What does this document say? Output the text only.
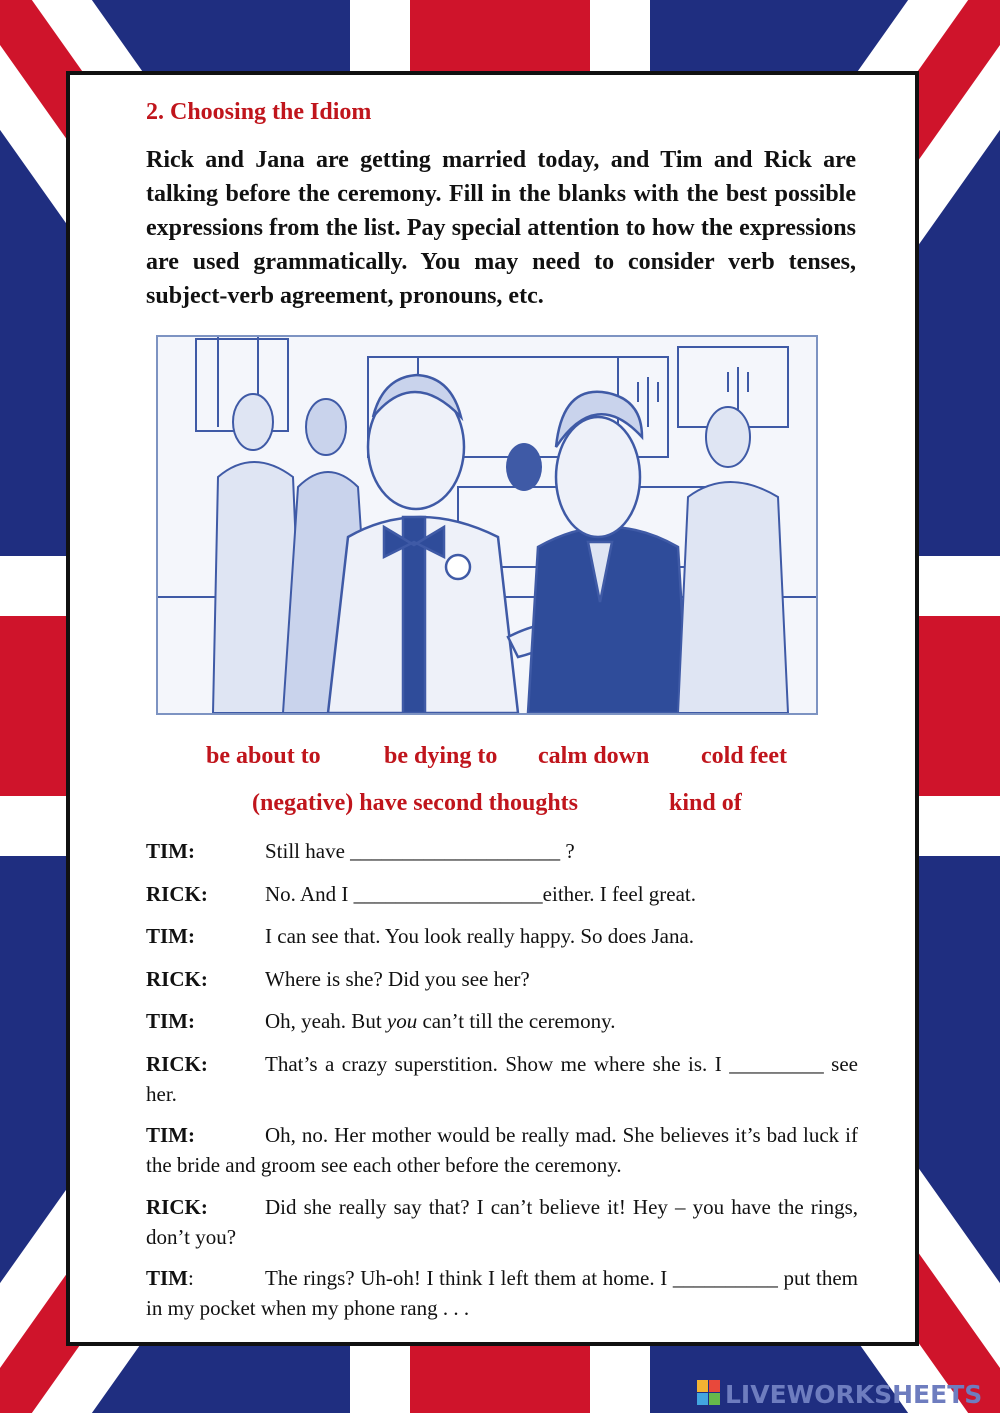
2. Choosing the Idiom
Rick and Jana are getting married today, and Tim and Rick are talking before the ceremony. Fill in the blanks with the best possible expressions from the list. Pay special attention to how the expressions are used grammatically. You may need to consider verb tenses, subject-verb agreement, pronouns, etc.
be about to	be dying to calm down cold feet
(negative) have second thoughts	kind of
TIM:	Still have ____________________ ?
RICK:	No. And I __________________either. I feel great.
TIM:	I can see that. You look really happy. So does Jana.
RICK:	Where is she? Did you see her?
TIM:	Oh, yeah. But you can’t till the ceremony.

RICK:	That’s a crazy superstition. Show me where she is. I _________ see her.

TIM:	Oh, no. Her mother would be really mad. She believes it’s bad luck if the bride and groom see each other before the ceremony.

RICK:	Did she really say that? I can’t believe it! Hey – you have the rings, don’t you?

TIM:	The rings? Uh-oh! I think I left them at home. I __________ put them in my pocket when my phone rang . . .

LIVEWORKSHEETS
